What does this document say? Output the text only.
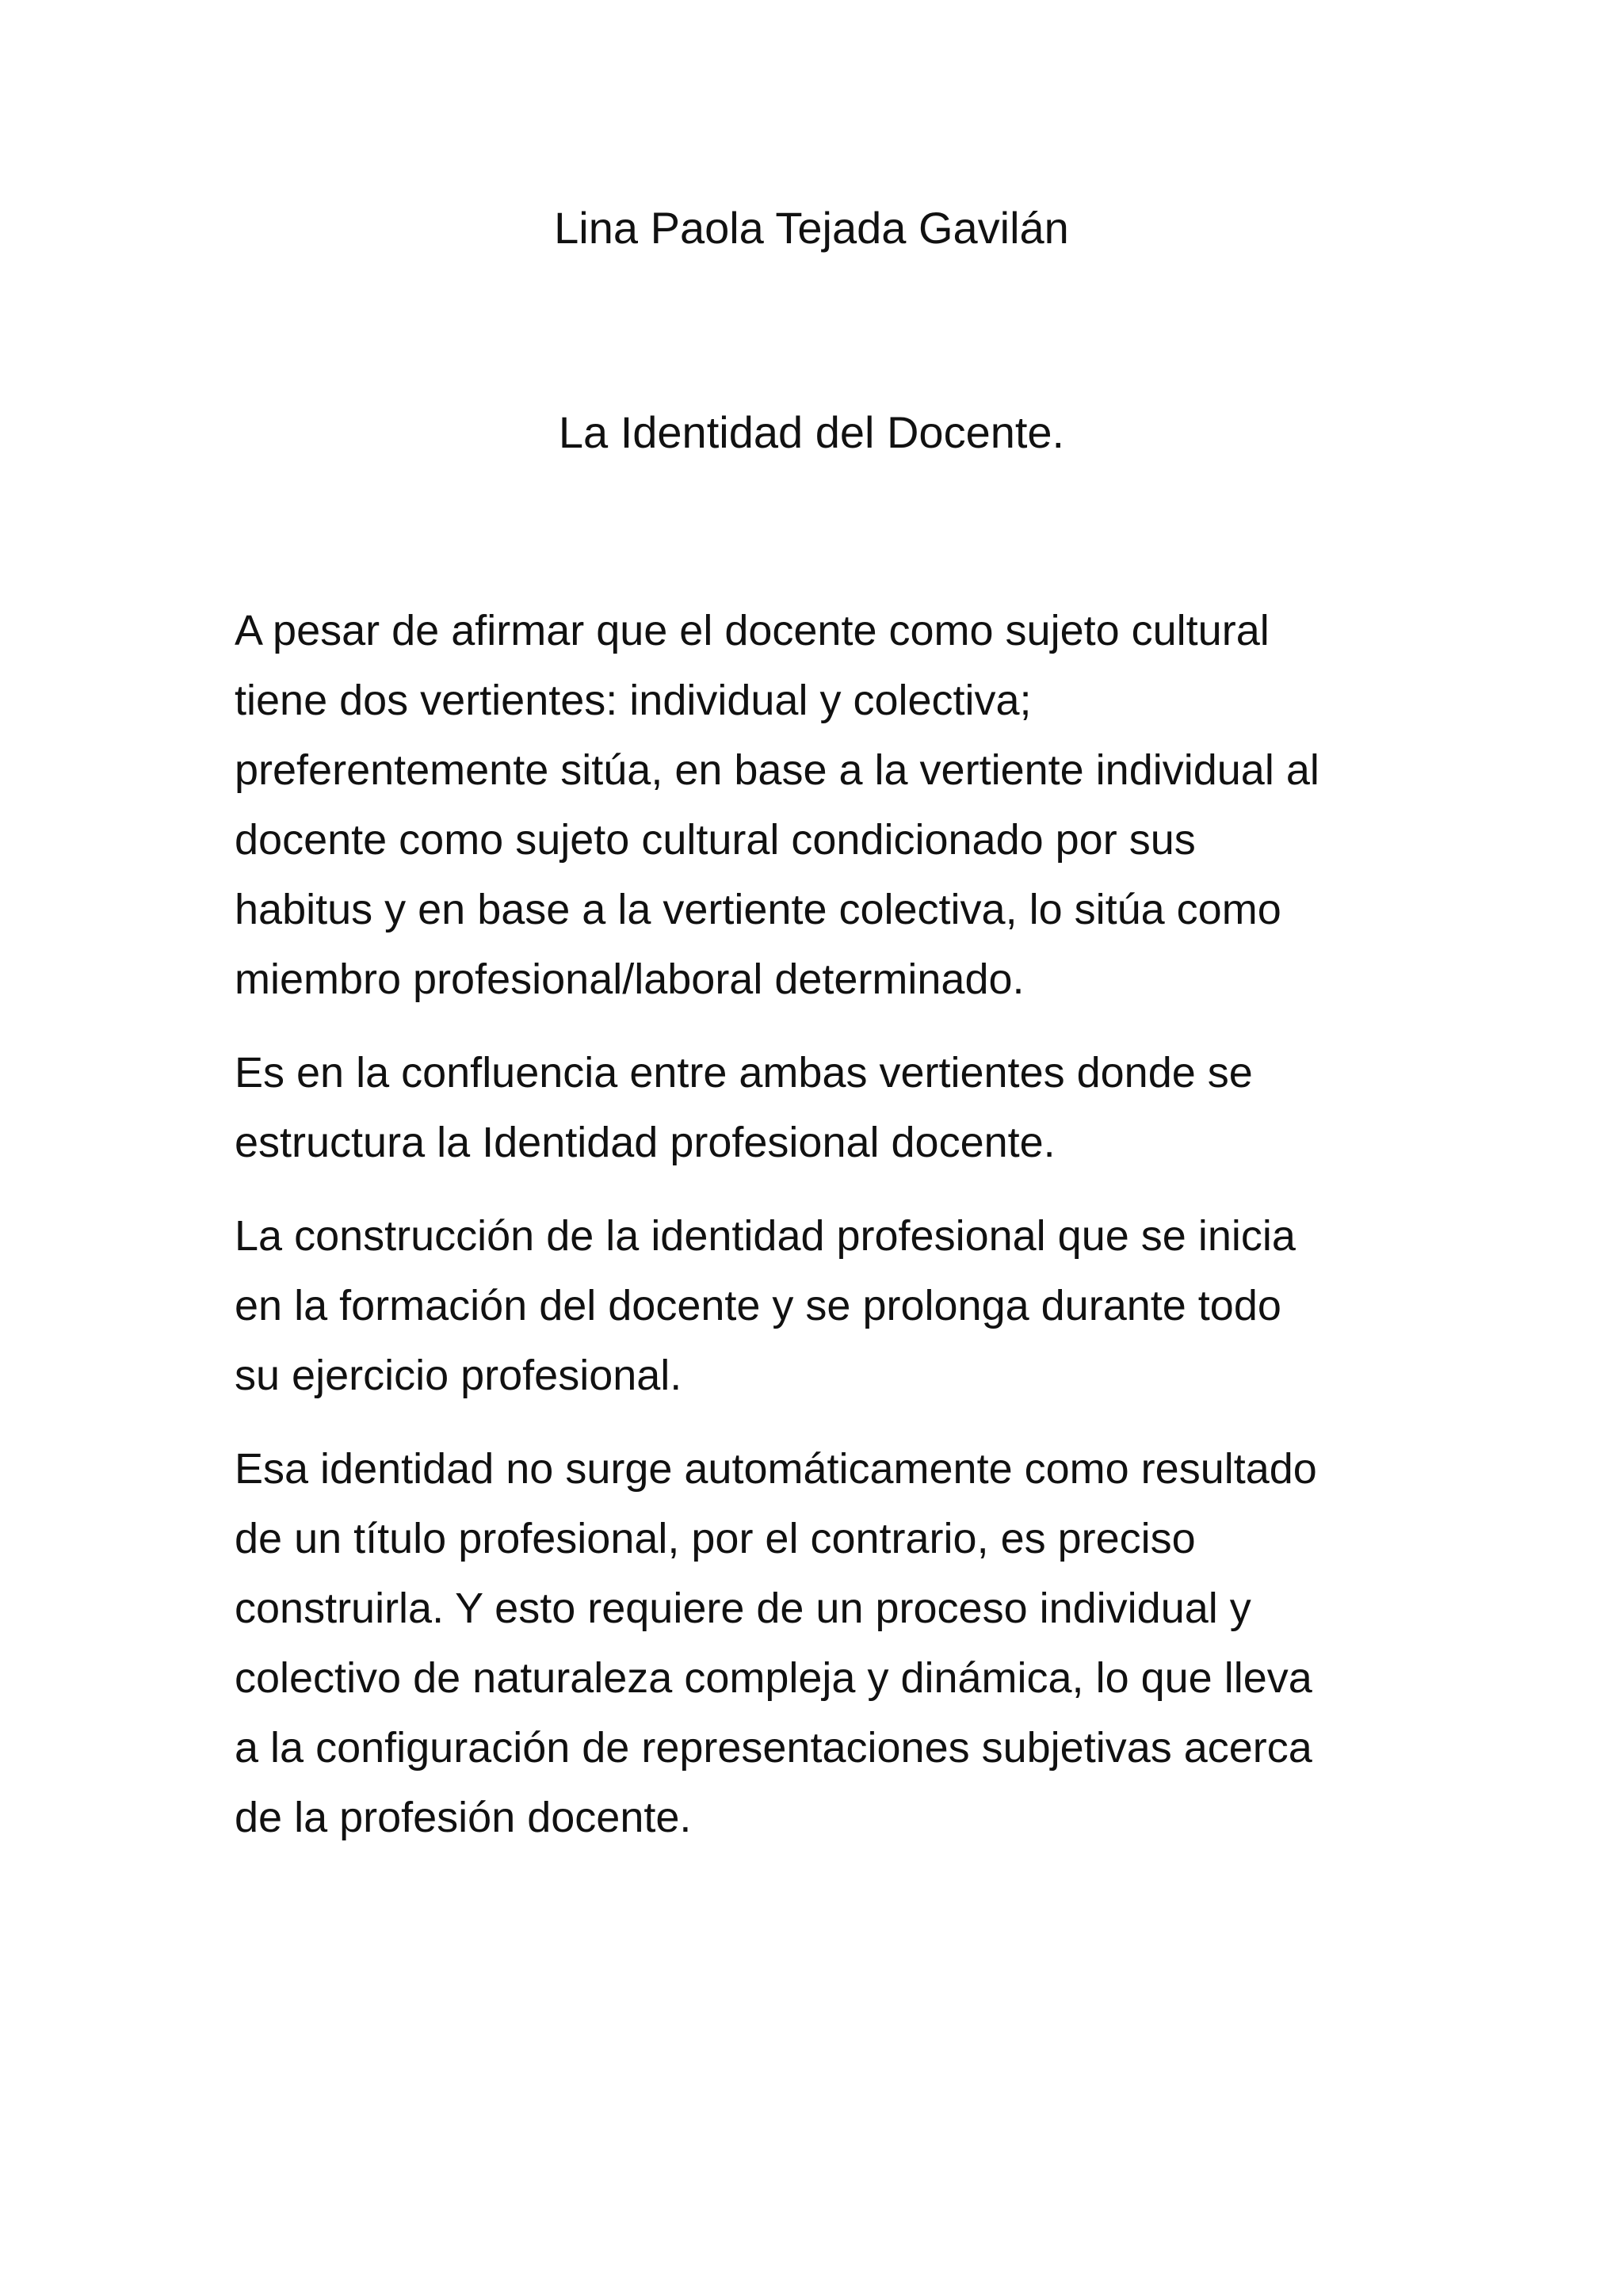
Lina Paola Tejada Gavilán
La Identidad del Docente.

A pesar de afirmar que el docente como sujeto cultural
tiene dos vertientes: individual y colectiva;
preferentemente sitúa, en base a la vertiente individual al
docente como sujeto cultural condicionado por sus
habitus y en base a la vertiente colectiva, lo sitúa como
miembro profesional/laboral determinado.

Es en la confluencia entre ambas vertientes donde se
estructura la Identidad profesional docente.

La construcción de la identidad profesional que se inicia
en la formación del docente y se prolonga durante todo
su ejercicio profesional.

Esa identidad no surge automáticamente como resultado
de un título profesional, por el contrario, es preciso
construirla. Y esto requiere de un proceso individual y
colectivo de naturaleza compleja y dinámica, lo que lleva
a la configuración de representaciones subjetivas acerca
de la profesión docente.
